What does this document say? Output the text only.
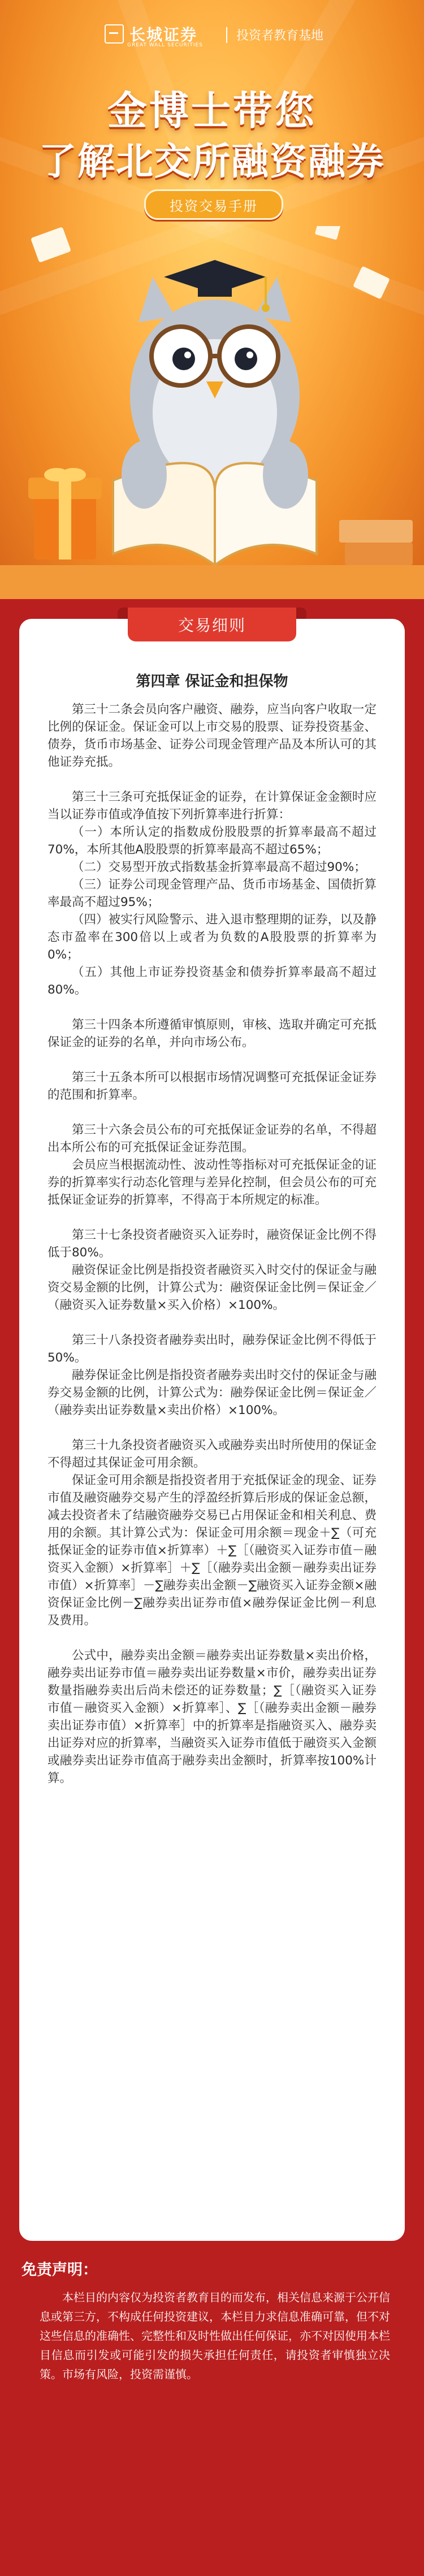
长城证券
GREAT WALL SECURITIES
投资者教育基地
金博士带您
了解北交所融资融券
投资交易手册
交易细则
第四章 保证金和担保物

第三十二条会员向客户融资、融券，应当向客户收取一定比例的保证金。保证金可以上市交易的股票、证券投资基金、债券，货币市场基金、证券公司现金管理产品及本所认可的其他证券充抵。

第三十三条可充抵保证金的证券，在计算保证金金额时应当以证券市值或净值按下列折算率进行折算：

（一）本所认定的指数成份股股票的折算率最高不超过70%，本所其他A股股票的折算率最高不超过65%；

（二）交易型开放式指数基金折算率最高不超过90%；

（三）证券公司现金管理产品、货币市场基金、国债折算率最高不超过95%；

（四）被实行风险警示、进入退市整理期的证券，以及静态市盈率在300倍以上或者为负数的A股股票的折算率为0%；

（五）其他上市证券投资基金和债券折算率最高不超过80%。

第三十四条本所遵循审慎原则，审核、选取并确定可充抵保证金的证券的名单，并向市场公布。

第三十五条本所可以根据市场情况调整可充抵保证金证券的范围和折算率。

第三十六条会员公布的可充抵保证金证券的名单，不得超出本所公布的可充抵保证金证券范围。

会员应当根据流动性、波动性等指标对可充抵保证金的证券的折算率实行动态化管理与差异化控制，但会员公布的可充抵保证金证券的折算率，不得高于本所规定的标准。

第三十七条投资者融资买入证券时，融资保证金比例不得低于80%。

融资保证金比例是指投资者融资买入时交付的保证金与融资交易金额的比例，计算公式为：融资保证金比例＝保证金／（融资买入证券数量×买入价格）×100%。

第三十八条投资者融券卖出时，融券保证金比例不得低于50%。

融券保证金比例是指投资者融券卖出时交付的保证金与融券交易金额的比例，计算公式为：融券保证金比例＝保证金／（融券卖出证券数量×卖出价格）×100%。

第三十九条投资者融资买入或融券卖出时所使用的保证金不得超过其保证金可用余额。

保证金可用余额是指投资者用于充抵保证金的现金、证券市值及融资融券交易产生的浮盈经折算后形成的保证金总额，减去投资者未了结融资融券交易已占用保证金和相关利息、费用的余额。其计算公式为：保证金可用余额＝现金＋∑（可充抵保证金的证券市值×折算率）＋∑［（融资买入证券市值－融资买入金额）×折算率］＋∑［（融券卖出金额－融券卖出证券市值）×折算率］－∑融券卖出金额－∑融资买入证券金额×融资保证金比例－∑融券卖出证券市值×融券保证金比例－利息及费用。

公式中，融券卖出金额＝融券卖出证券数量×卖出价格，融券卖出证券市值＝融券卖出证券数量×市价，融券卖出证券数量指融券卖出后尚未偿还的证券数量；∑［（融资买入证券市值－融资买入金额）×折算率］、∑［（融券卖出金额－融券卖出证券市值）×折算率］中的折算率是指融资买入、融券卖出证券对应的折算率，当融资买入证券市值低于融资买入金额或融券卖出证券市值高于融券卖出金额时，折算率按100%计算。

免责声明：
本栏目的内容仅为投资者教育目的而发布，相关信息来源于公开信息或第三方，不构成任何投资建议，本栏目力求信息准确可靠，但不对这些信息的准确性、完整性和及时性做出任何保证，亦不对因使用本栏目信息而引发或可能引发的损失承担任何责任，请投资者审慎独立决策。市场有风险，投资需谨慎。
